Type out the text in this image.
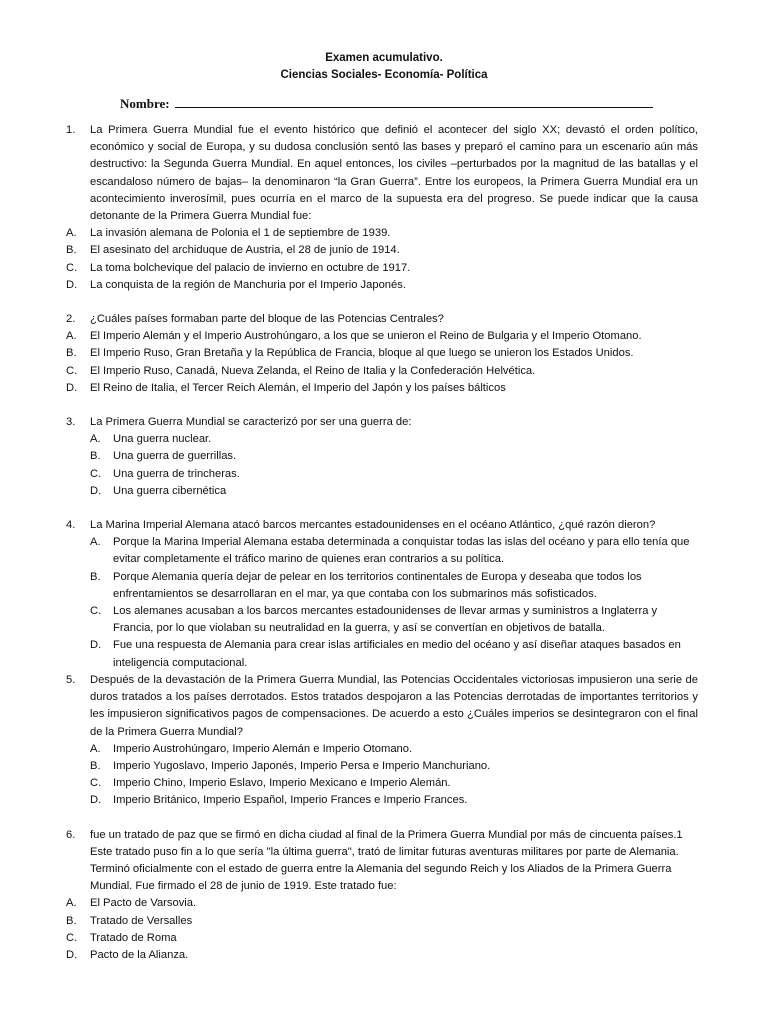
Examen acumulativo.
Ciencias Sociales- Economía- Política
Nombre:
1. La Primera Guerra Mundial fue el evento histórico que definió el acontecer del siglo XX; devastó el orden político, económico y social de Europa, y su dudosa conclusión sentó las bases y preparó el camino para un escenario aún más destructivo: la Segunda Guerra Mundial. En aquel entonces, los civiles –perturbados por la magnitud de las batallas y el escandaloso número de bajas– la denominaron “la Gran Guerra”. Entre los europeos, la Primera Guerra Mundial era un acontecimiento inverosímil, pues ocurría en el marco de la supuesta era del progreso. Se puede indicar que la causa detonante de la Primera Guerra Mundial fue:
A. La invasión alemana de Polonia el 1 de septiembre de 1939.
B. El asesinato del archiduque de Austria, el 28 de junio de 1914.
C. La toma bolchevique del palacio de invierno en octubre de 1917.
D. La conquista de la región de Manchuria por el Imperio Japonés.
2. ¿Cuáles países formaban parte del bloque de las Potencias Centrales?
A. El Imperio Alemán y el Imperio Austrohúngaro, a los que se unieron el Reino de Bulgaria y el Imperio Otomano.
B. El Imperio Ruso, Gran Bretaña y la República de Francia, bloque al que luego se unieron los Estados Unidos.
C. El Imperio Ruso, Canadá, Nueva Zelanda, el Reino de Italia y la Confederación Helvética.
D. El Reino de Italia, el Tercer Reich Alemán, el Imperio del Japón y los países bálticos
3. La Primera Guerra Mundial se caracterizó por ser una guerra de:
A. Una guerra nuclear.
B. Una guerra de guerrillas.
C. Una guerra de trincheras.
D. Una guerra cibernética
4. La Marina Imperial Alemana atacó barcos mercantes estadounidenses en el océano Atlántico, ¿qué razón dieron?
A. Porque la Marina Imperial Alemana estaba determinada a conquistar todas las islas del océano y para ello tenía que evitar completamente el tráfico marino de quienes eran contrarios a su política.
B. Porque Alemania quería dejar de pelear en los territorios continentales de Europa y deseaba que todos los enfrentamientos se desarrollaran en el mar, ya que contaba con los submarinos más sofisticados.
C. Los alemanes acusaban a los barcos mercantes estadounidenses de llevar armas y suministros a Inglaterra y Francia, por lo que violaban su neutralidad en la guerra, y así se convertían en objetivos de batalla.
D. Fue una respuesta de Alemania para crear islas artificiales en medio del océano y así diseñar ataques basados en inteligencia computacional.
5. Después de la devastación de la Primera Guerra Mundial, las Potencias Occidentales victoriosas impusieron una serie de duros tratados a los países derrotados. Estos tratados despojaron a las Potencias derrotadas de importantes territorios y les impusieron significativos pagos de compensaciones. De acuerdo a esto ¿Cuáles imperios se desintegraron con el final de la Primera Guerra Mundial?
A. Imperio Austrohúngaro, Imperio Alemán e Imperio Otomano.
B. Imperio Yugoslavo, Imperio Japonés, Imperio Persa e Imperio Manchuriano.
C. Imperio Chino, Imperio Eslavo, Imperio Mexicano e Imperio Alemán.
D. Imperio Británico, Imperio Español, Imperio Frances e Imperio Frances.
6. fue un tratado de paz que se firmó en dicha ciudad al final de la Primera Guerra Mundial por más de cincuenta países.1 Este tratado puso fin a lo que sería "la última guerra", trató de limitar futuras aventuras militares por parte de Alemania. Terminó oficialmente con el estado de guerra entre la Alemania del segundo Reich y los Aliados de la Primera Guerra Mundial. Fue firmado el 28 de junio de 1919. Este tratado fue:
A. El Pacto de Varsovia.
B. Tratado de Versalles
C. Tratado de Roma
D. Pacto de la Alianza.
